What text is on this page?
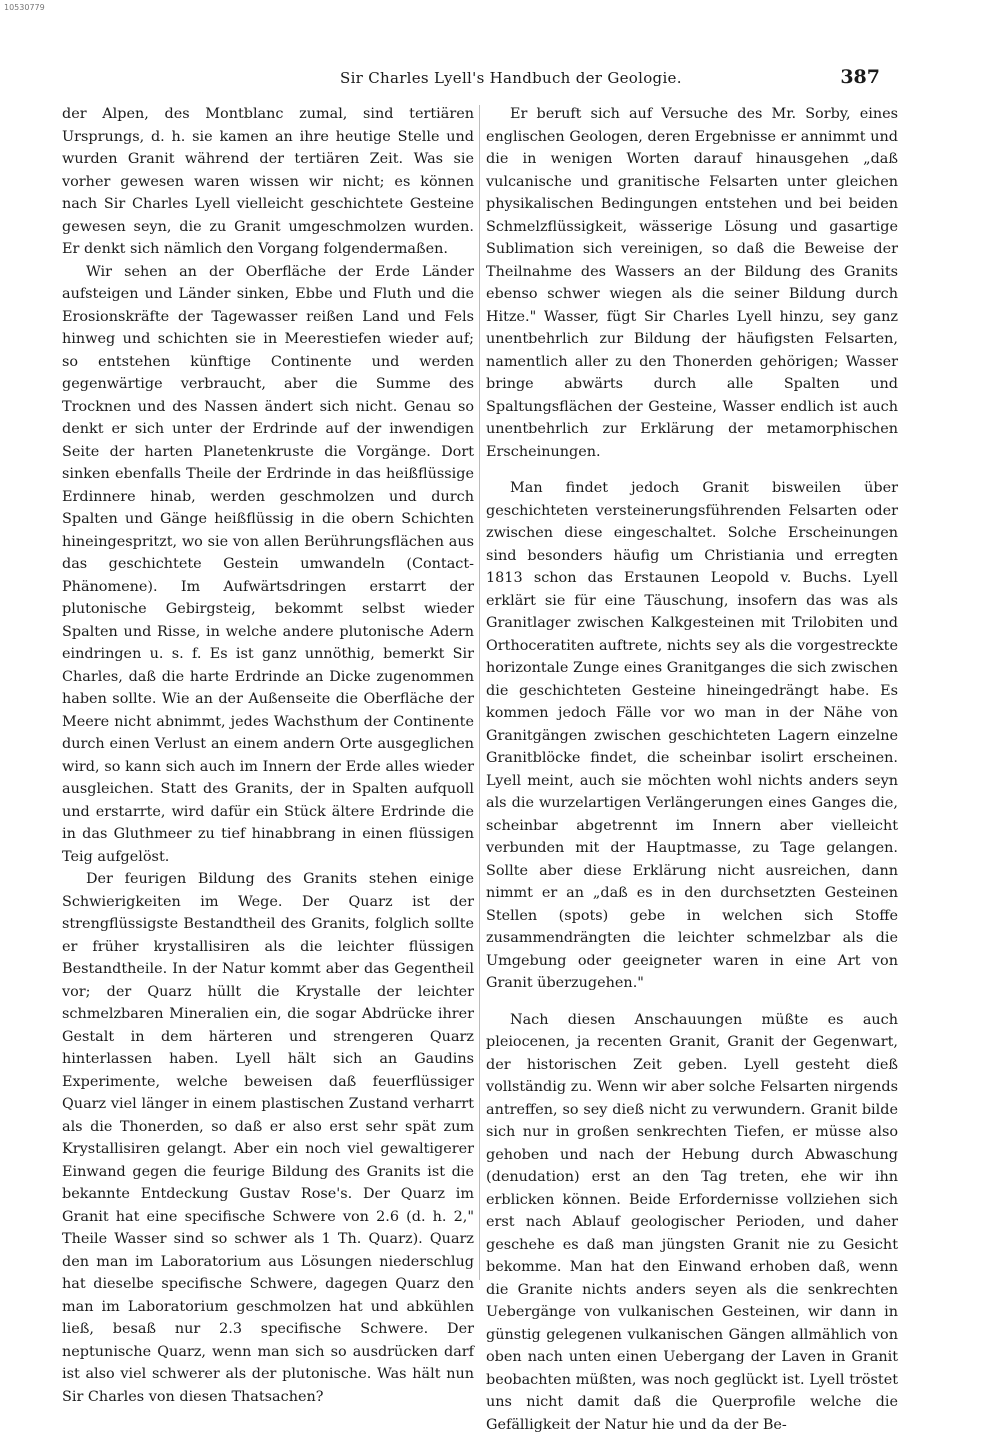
10530779
Sir Charles Lyell's Handbuch der Geologie.	387

der Alpen, des Montblanc zumal, sind tertiären Ursprungs, d. h. sie kamen an ihre heutige Stelle und wurden Granit während der tertiären Zeit. Was sie vorher gewesen waren wissen wir nicht; es können nach Sir Charles Lyell vielleicht geschichtete Gesteine gewesen seyn, die zu Granit umgeschmolzen wurden. Er denkt sich nämlich den Vorgang folgendermaßen.

Wir sehen an der Oberfläche der Erde Länder aufsteigen und Länder sinken, Ebbe und Fluth und die Erosionskräfte der Tagewasser reißen Land und Fels hinweg und schichten sie in Meerestiefen wieder auf; so entstehen künftige Continente und werden gegenwärtige verbraucht, aber die Summe des Trocknen und des Nassen ändert sich nicht. Genau so denkt er sich unter der Erdrinde auf der inwendigen Seite der harten Planetenkruste die Vorgänge. Dort sinken ebenfalls Theile der Erdrinde in das heißflüssige Erdinnere hinab, werden geschmolzen und durch Spalten und Gänge heißflüssig in die obern Schichten hineingespritzt, wo sie von allen Berührungsflächen aus das geschichtete Gestein umwandeln (Contact-Phänomene). Im Aufwärtsdringen erstarrt der plutonische Gebirgsteig, bekommt selbst wieder Spalten und Risse, in welche andere plutonische Adern eindringen u. s. f. Es ist ganz unnöthig, bemerkt Sir Charles, daß die harte Erdrinde an Dicke zugenommen haben sollte. Wie an der Außenseite die Oberfläche der Meere nicht abnimmt, jedes Wachsthum der Continente durch einen Verlust an einem andern Orte ausgeglichen wird, so kann sich auch im Innern der Erde alles wieder ausgleichen. Statt des Granits, der in Spalten aufquoll und erstarrte, wird dafür ein Stück ältere Erdrinde die in das Gluthmeer zu tief hinabbrang in einen flüssigen Teig aufgelöst.

Der feurigen Bildung des Granits stehen einige Schwierigkeiten im Wege. Der Quarz ist der strengflüssigste Bestandtheil des Granits, folglich sollte er früher krystallisiren als die leichter flüssigen Bestandtheile. In der Natur kommt aber das Gegentheil vor; der Quarz hüllt die Krystalle der leichter schmelzbaren Mineralien ein, die sogar Abdrücke ihrer Gestalt in dem härteren und strengeren Quarz hinterlassen haben. Lyell hält sich an Gaudins Experimente, welche beweisen daß feuerflüssiger Quarz viel länger in einem plastischen Zustand verharrt als die Thonerden, so daß er also erst sehr spät zum Krystallisiren gelangt. Aber ein noch viel gewaltigerer Einwand gegen die feurige Bildung des Granits ist die bekannte Entdeckung Gustav Rose's. Der Quarz im Granit hat eine specifische Schwere von 2.6 (d. h. 2," Theile Wasser sind so schwer als 1 Th. Quarz). Quarz den man im Laboratorium aus Lösungen niederschlug hat dieselbe specifische Schwere, dagegen Quarz den man im Laboratorium geschmolzen hat und abkühlen ließ, besaß nur 2.3 specifische Schwere. Der neptunische Quarz, wenn man sich so ausdrücken darf ist also viel schwerer als der plutonische. Was hält nun Sir Charles von diesen Thatsachen?

Er beruft sich auf Versuche des Mr. Sorby, eines englischen Geologen, deren Ergebnisse er annimmt und die in wenigen Worten darauf hinausgehen „daß vulcanische und granitische Felsarten unter gleichen physikalischen Bedingungen entstehen und bei beiden Schmelzflüssigkeit, wässerige Lösung und gasartige Sublimation sich vereinigen, so daß die Beweise der Theilnahme des Wassers an der Bildung des Granits ebenso schwer wiegen als die seiner Bildung durch Hitze." Wasser, fügt Sir Charles Lyell hinzu, sey ganz unentbehrlich zur Bildung der häufigsten Felsarten, namentlich aller zu den Thonerden gehörigen; Wasser bringe abwärts durch alle Spalten und Spaltungsflächen der Gesteine, Wasser endlich ist auch unentbehrlich zur Erklärung der metamorphischen Erscheinungen.

Man findet jedoch Granit bisweilen über geschichteten versteinerungsführenden Felsarten oder zwischen diese eingeschaltet. Solche Erscheinungen sind besonders häufig um Christiania und erregten 1813 schon das Erstaunen Leopold v. Buchs. Lyell erklärt sie für eine Täuschung, insofern das was als Granitlager zwischen Kalkgesteinen mit Trilobiten und Orthoceratiten auftrete, nichts sey als die vorgestreckte horizontale Zunge eines Granitganges die sich zwischen die geschichteten Gesteine hineingedrängt habe. Es kommen jedoch Fälle vor wo man in der Nähe von Granitgängen zwischen geschichteten Lagern einzelne Granitblöcke findet, die scheinbar isolirt erscheinen. Lyell meint, auch sie möchten wohl nichts anders seyn als die wurzelartigen Verlängerungen eines Ganges die, scheinbar abgetrennt im Innern aber vielleicht verbunden mit der Hauptmasse, zu Tage gelangen. Sollte aber diese Erklärung nicht ausreichen, dann nimmt er an „daß es in den durchsetzten Gesteinen Stellen (spots) gebe in welchen sich Stoffe zusammendrängten die leichter schmelzbar als die Umgebung oder geeigneter waren in eine Art von Granit überzugehen."

Nach diesen Anschauungen müßte es auch pleiocenen, ja recenten Granit, Granit der Gegenwart, der historischen Zeit geben. Lyell gesteht dieß vollständig zu. Wenn wir aber solche Felsarten nirgends antreffen, so sey dieß nicht zu verwundern. Granit bilde sich nur in großen senkrechten Tiefen, er müsse also gehoben und nach der Hebung durch Abwaschung (denudation) erst an den Tag treten, ehe wir ihn erblicken können. Beide Erfordernisse vollziehen sich erst nach Ablauf geologischer Perioden, und daher geschehe es daß man jüngsten Granit nie zu Gesicht bekomme. Man hat den Einwand erhoben daß, wenn die Granite nichts anders seyen als die senkrechten Uebergänge von vulkanischen Gesteinen, wir dann in günstig gelegenen vulkanischen Gängen allmählich von oben nach unten einen Uebergang der Laven in Granit beobachten müßten, was noch geglückt ist. Lyell tröstet uns nicht damit daß die Querprofile welche die Gefälligkeit der Natur hie und da der Be-
